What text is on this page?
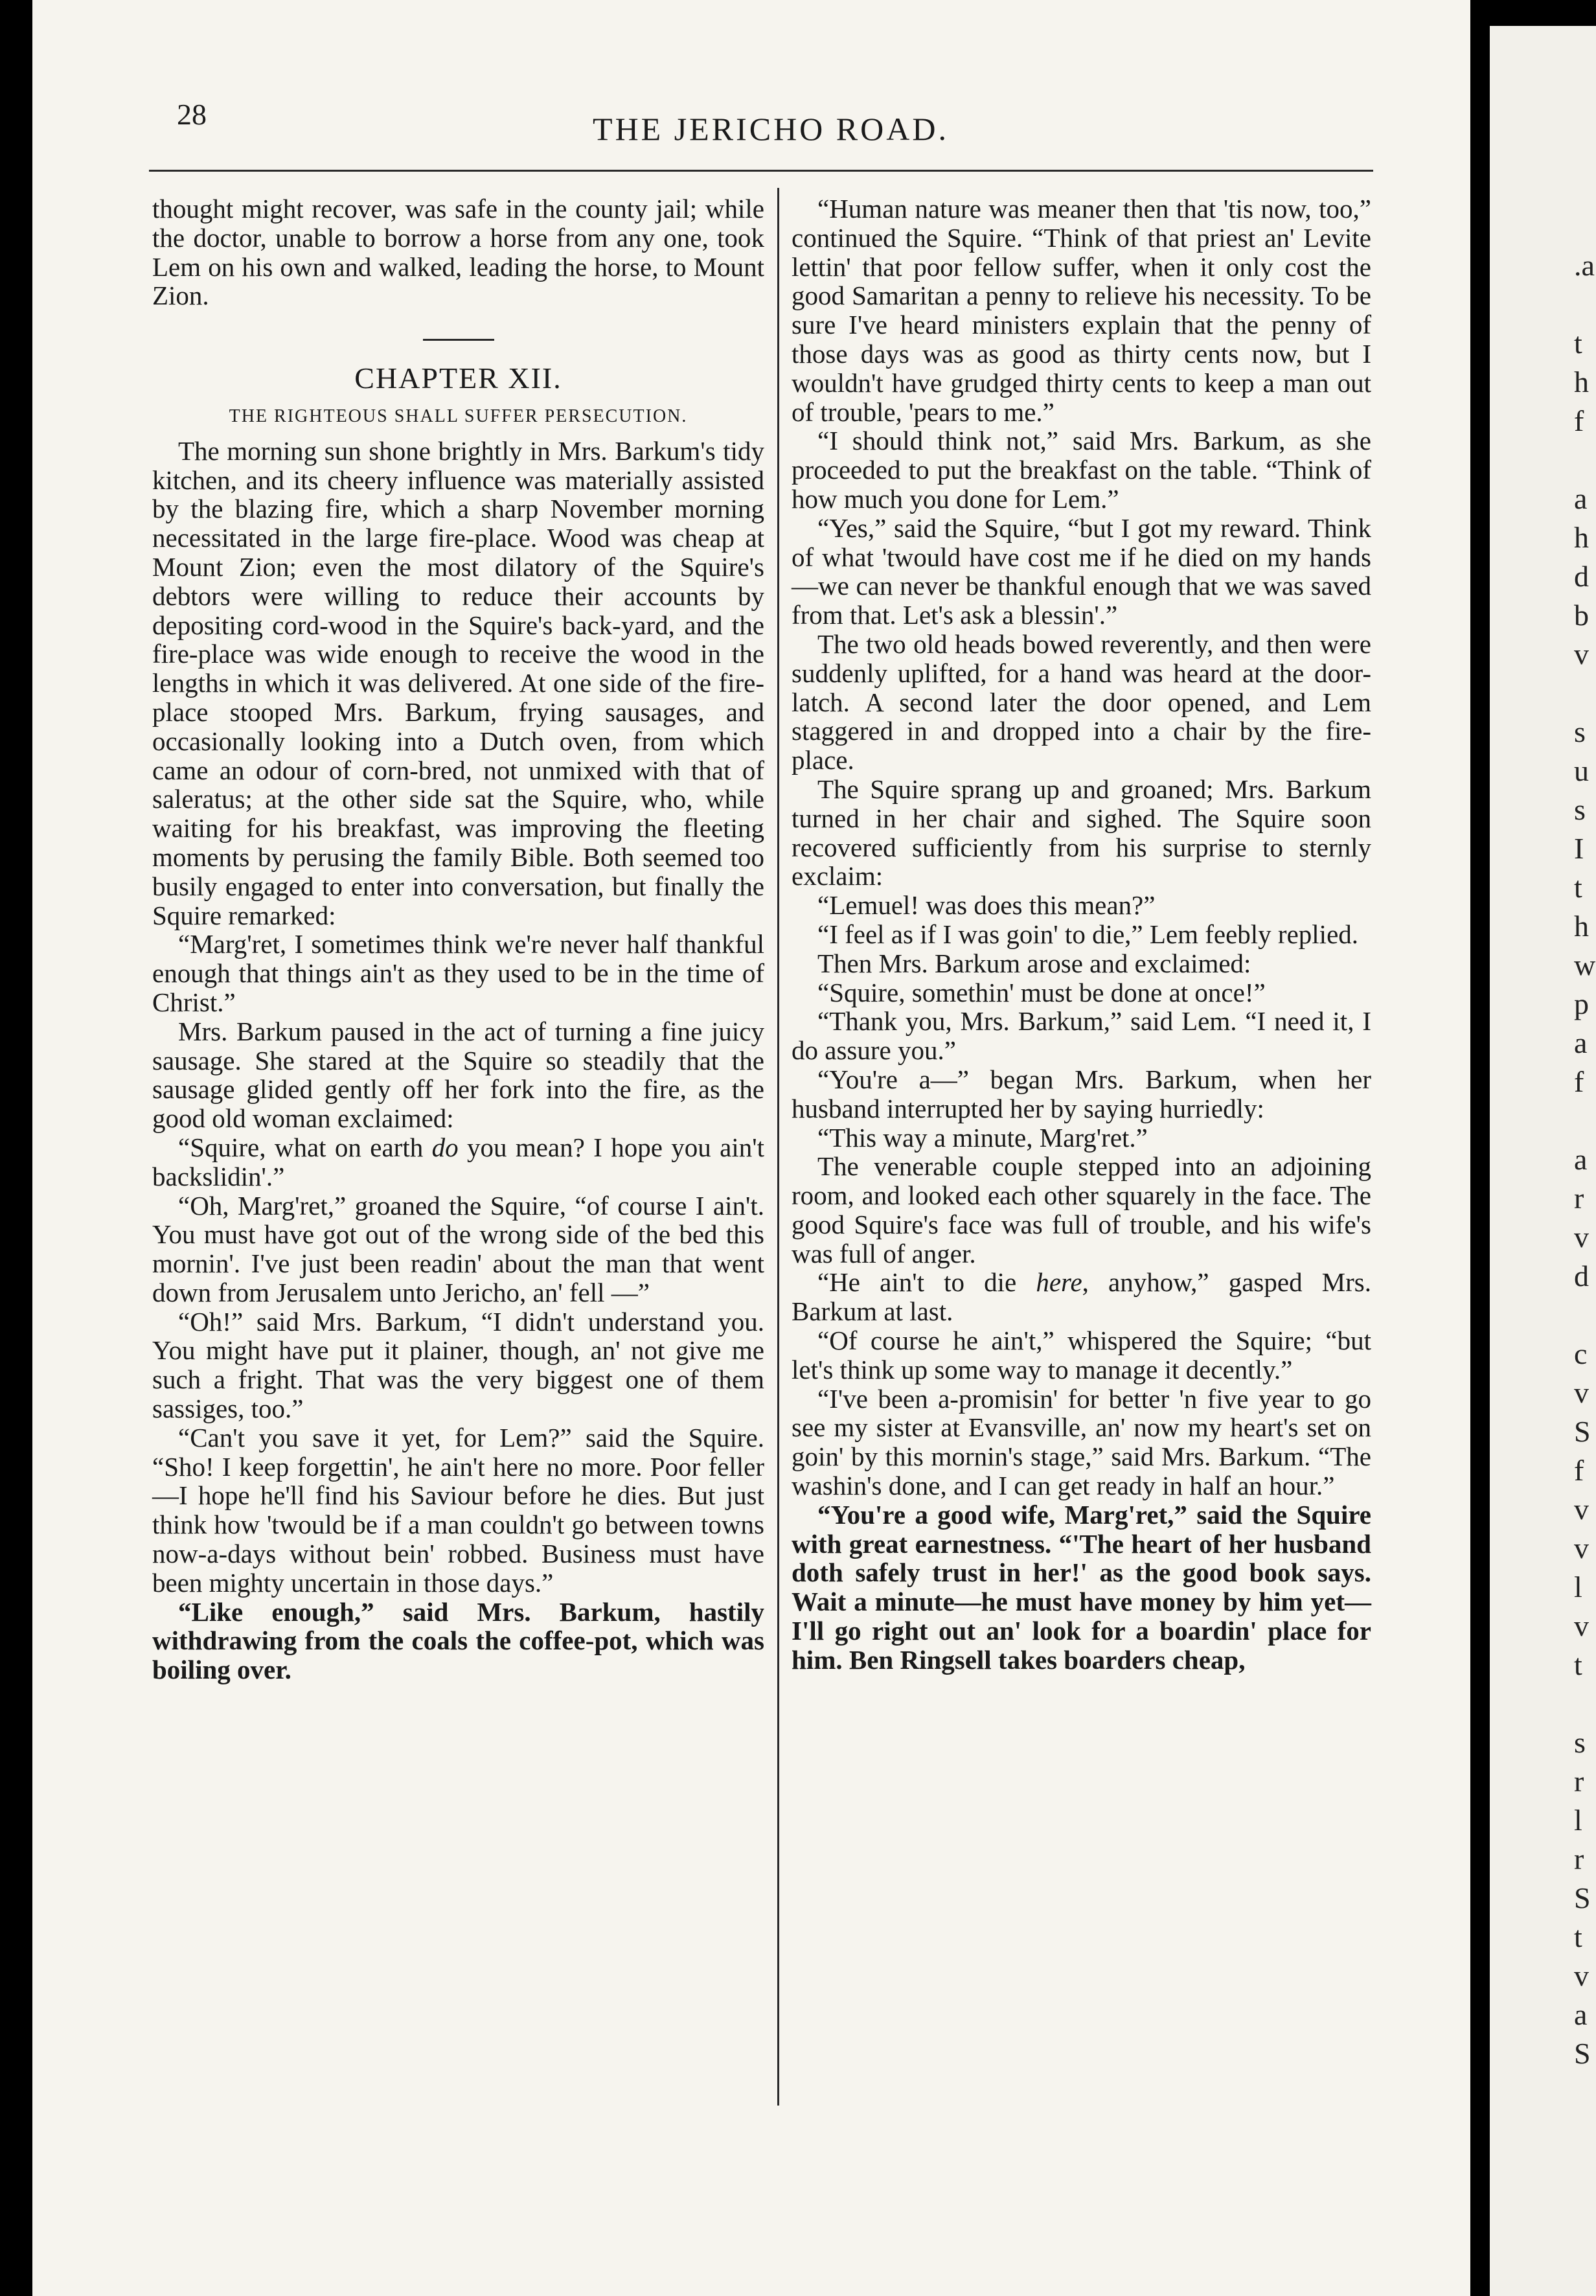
28	THE JERICHO ROAD.

thought might recover, was safe in the county jail; while the doctor, unable to borrow a horse from any one, took Lem on his own and walked, leading the horse, to Mount Zion.

CHAPTER XII.

THE RIGHTEOUS SHALL SUFFER PERSECUTION.

The morning sun shone brightly in Mrs. Barkum's tidy kitchen, and its cheery influence was materially assisted by the blazing fire, which a sharp November morning necessitated in the large fire-place. Wood was cheap at Mount Zion; even the most dilatory of the Squire's debtors were willing to reduce their accounts by depositing cord-wood in the Squire's back-yard, and the fire-place was wide enough to receive the wood in the lengths in which it was delivered. At one side of the fire-place stooped Mrs. Barkum, frying sausages, and occasionally looking into a Dutch oven, from which came an odour of corn-bred, not unmixed with that of saleratus; at the other side sat the Squire, who, while waiting for his breakfast, was improving the fleeting moments by perusing the family Bible. Both seemed too busily engaged to enter into conversation, but finally the Squire remarked:

“Marg'ret, I sometimes think we're never half thankful enough that things ain't as they used to be in the time of Christ.”

Mrs. Barkum paused in the act of turning a fine juicy sausage. She stared at the Squire so steadily that the sausage glided gently off her fork into the fire, as the good old woman exclaimed:

“Squire, what on earth do you mean? I hope you ain't backslidin'.”

“Oh, Marg'ret,” groaned the Squire, “of course I ain't. You must have got out of the wrong side of the bed this mornin'. I've just been readin' about the man that went down from Jerusalem unto Jericho, an' fell —”

“Oh!” said Mrs. Barkum, “I didn't understand you. You might have put it plainer, though, an' not give me such a fright. That was the very biggest one of them sassiges, too.”

“Can't you save it yet, for Lem?” said the Squire. “Sho! I keep forgettin', he ain't here no more. Poor feller—I hope he'll find his Saviour before he dies. But just think how 'twould be if a man couldn't go between towns now-a-days without bein' robbed. Business must have been mighty uncertain in those days.”

“Like enough,” said Mrs. Barkum, hastily withdrawing from the coals the coffee-pot, which was boiling over.

“Human nature was meaner then that 'tis now, too,” continued the Squire. “Think of that priest an' Levite lettin' that poor fellow suffer, when it only cost the good Samaritan a penny to relieve his necessity. To be sure I've heard ministers explain that the penny of those days was as good as thirty cents now, but I wouldn't have grudged thirty cents to keep a man out of trouble, 'pears to me.”

“I should think not,” said Mrs. Barkum, as she proceeded to put the breakfast on the table. “Think of how much you done for Lem.”

“Yes,” said the Squire, “but I got my reward. Think of what 'twould have cost me if he died on my hands—we can never be thankful enough that we was saved from that. Let's ask a blessin'.”

The two old heads bowed reverently, and then were suddenly uplifted, for a hand was heard at the door-latch. A second later the door opened, and Lem staggered in and dropped into a chair by the fire-place.

The Squire sprang up and groaned; Mrs. Barkum turned in her chair and sighed. The Squire soon recovered sufficiently from his surprise to sternly exclaim:

“Lemuel! was does this mean?”

“I feel as if I was goin' to die,” Lem feebly replied.

Then Mrs. Barkum arose and exclaimed:

“Squire, somethin' must be done at once!”

“Thank you, Mrs. Barkum,” said Lem. “I need it, I do assure you.”

“You're a—” began Mrs. Barkum, when her husband interrupted her by saying hurriedly:

“This way a minute, Marg'ret.”

The venerable couple stepped into an adjoining room, and looked each other squarely in the face. The good Squire's face was full of trouble, and his wife's was full of anger.

“He ain't to die here, anyhow,” gasped Mrs. Barkum at last.

“Of course he ain't,” whispered the Squire; “but let's think up some way to manage it decently.”

“I've been a-promisin' for better 'n five year to go see my sister at Evansville, an' now my heart's set on goin' by this mornin's stage,” said Mrs. Barkum. “The washin's done, and I can get ready in half an hour.”

“You're a good wife, Marg'ret,” said the Squire with great earnestness. “'The heart of her husband doth safely trust in her!' as the good book says. Wait a minute—he must have money by him yet—I'll go right out an' look for a boardin' place for him. Ben Ringsell takes boarders cheap,

.a

t
h
f

a
h
d
b
v

s
u
s
I
t
h
w
p
a
f

a
r
v
d

c
v
S
f
v
v
l
v
t

s
r
l
r
S
t
v
a
S
